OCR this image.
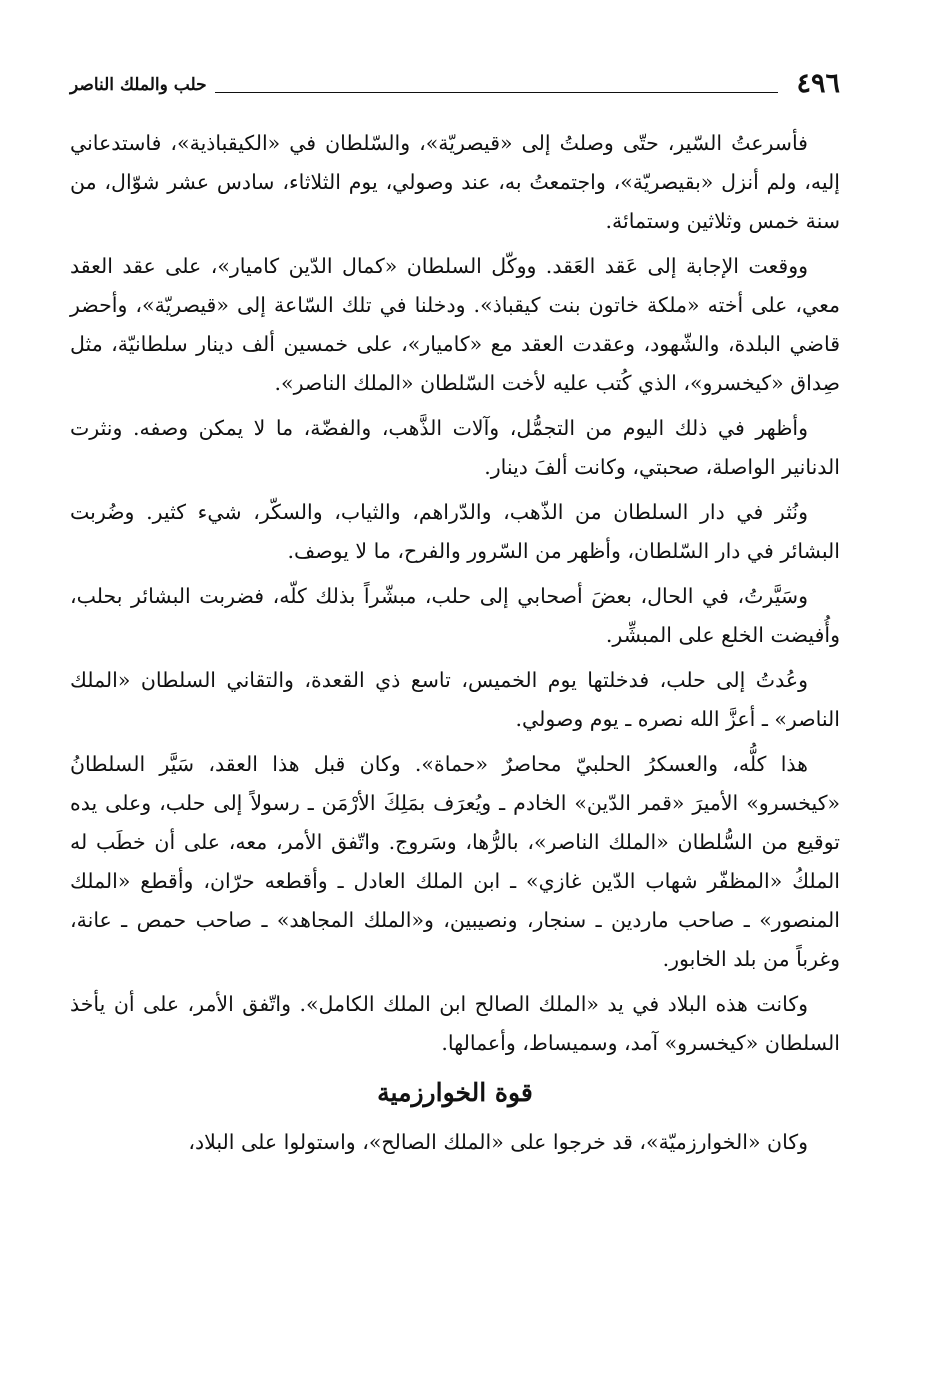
٤٩٦
حلب والملك الناصر

فأسرعتُ السّير، حتّى وصلتُ إلى «قيصريّة»، والسّلطان في «الكيقباذية»، فاستدعاني إليه، ولم أنزل «بقيصريّة»، واجتمعتُ به، عند وصولي، يوم الثلاثاء، سادس عشر شوّال، من سنة خمس وثلاثين وستمائة.

ووقعت الإجابة إلى عَقد العَقد. ووكّل السلطان «كمال الدّين كاميار»، على عقد العقد معي، على أخته «ملكة خاتون بنت كيقباذ». ودخلنا في تلك السّاعة إلى «قيصريّة»، وأحضر قاضي البلدة، والشّهود، وعقدت العقد مع «كاميار»، على خمسين ألف دينار سلطانيّة، مثل صِداق «كيخسرو»، الذي كُتب عليه لأخت السّلطان «الملك الناصر».

وأظهر في ذلك اليوم من التجمُّل، وآلات الذَّهب، والفضّة، ما لا يمكن وصفه. ونثرت الدنانير الواصلة، صحبتي، وكانت ألفَ دينار.

ونُثر في دار السلطان من الذّهب، والدّراهم، والثياب، والسكّر، شيء كثير. وضُربت البشائر في دار السّلطان، وأظهر من السّرور والفرح، ما لا يوصف.

وسَيَّرتُ، في الحال، بعضَ أصحابي إلى حلب، مبشّراً بذلك كلّه، فضربت البشائر بحلب، وأُفيضت الخلع على المبشِّر.

وعُدتُ إلى حلب، فدخلتها يوم الخميس، تاسع ذي القعدة، والتقاني السلطان «الملك الناصر» ـ أعزَّ الله نصره ـ يوم وصولي.

هذا كلُّه، والعسكرُ الحلبيّ محاصرٌ «حماة». وكان قبل هذا العقد، سَيَّر السلطانُ «كيخسرو» الأميرَ «قمر الدّين» الخادم ـ ويُعرَف بمَلِكَ الأرْمَن ـ رسولاً إلى حلب، وعلى يده توقيع من السُّلطان «الملك الناصر»، بالرُّها، وسَروج. واتّفق الأمر، معه، على أن خطَب له الملكُ «المظفّر شهاب الدّين غازي» ـ ابن الملك العادل ـ وأقطعه حرّان، وأقطع «الملك المنصور» ـ صاحب ماردين ـ سنجار، ونصيبين، و«الملك المجاهد» ـ صاحب حمص ـ عانة، وغرباً من بلد الخابور.

وكانت هذه البلاد في يد «الملك الصالح ابن الملك الكامل». واتّفق الأمر، على أن يأخذ السلطان «كيخسرو» آمد، وسميساط، وأعمالها.

قوة الخوارزمية

وكان «الخوارزميّة»، قد خرجوا على «الملك الصالح»، واستولوا على البلاد،
